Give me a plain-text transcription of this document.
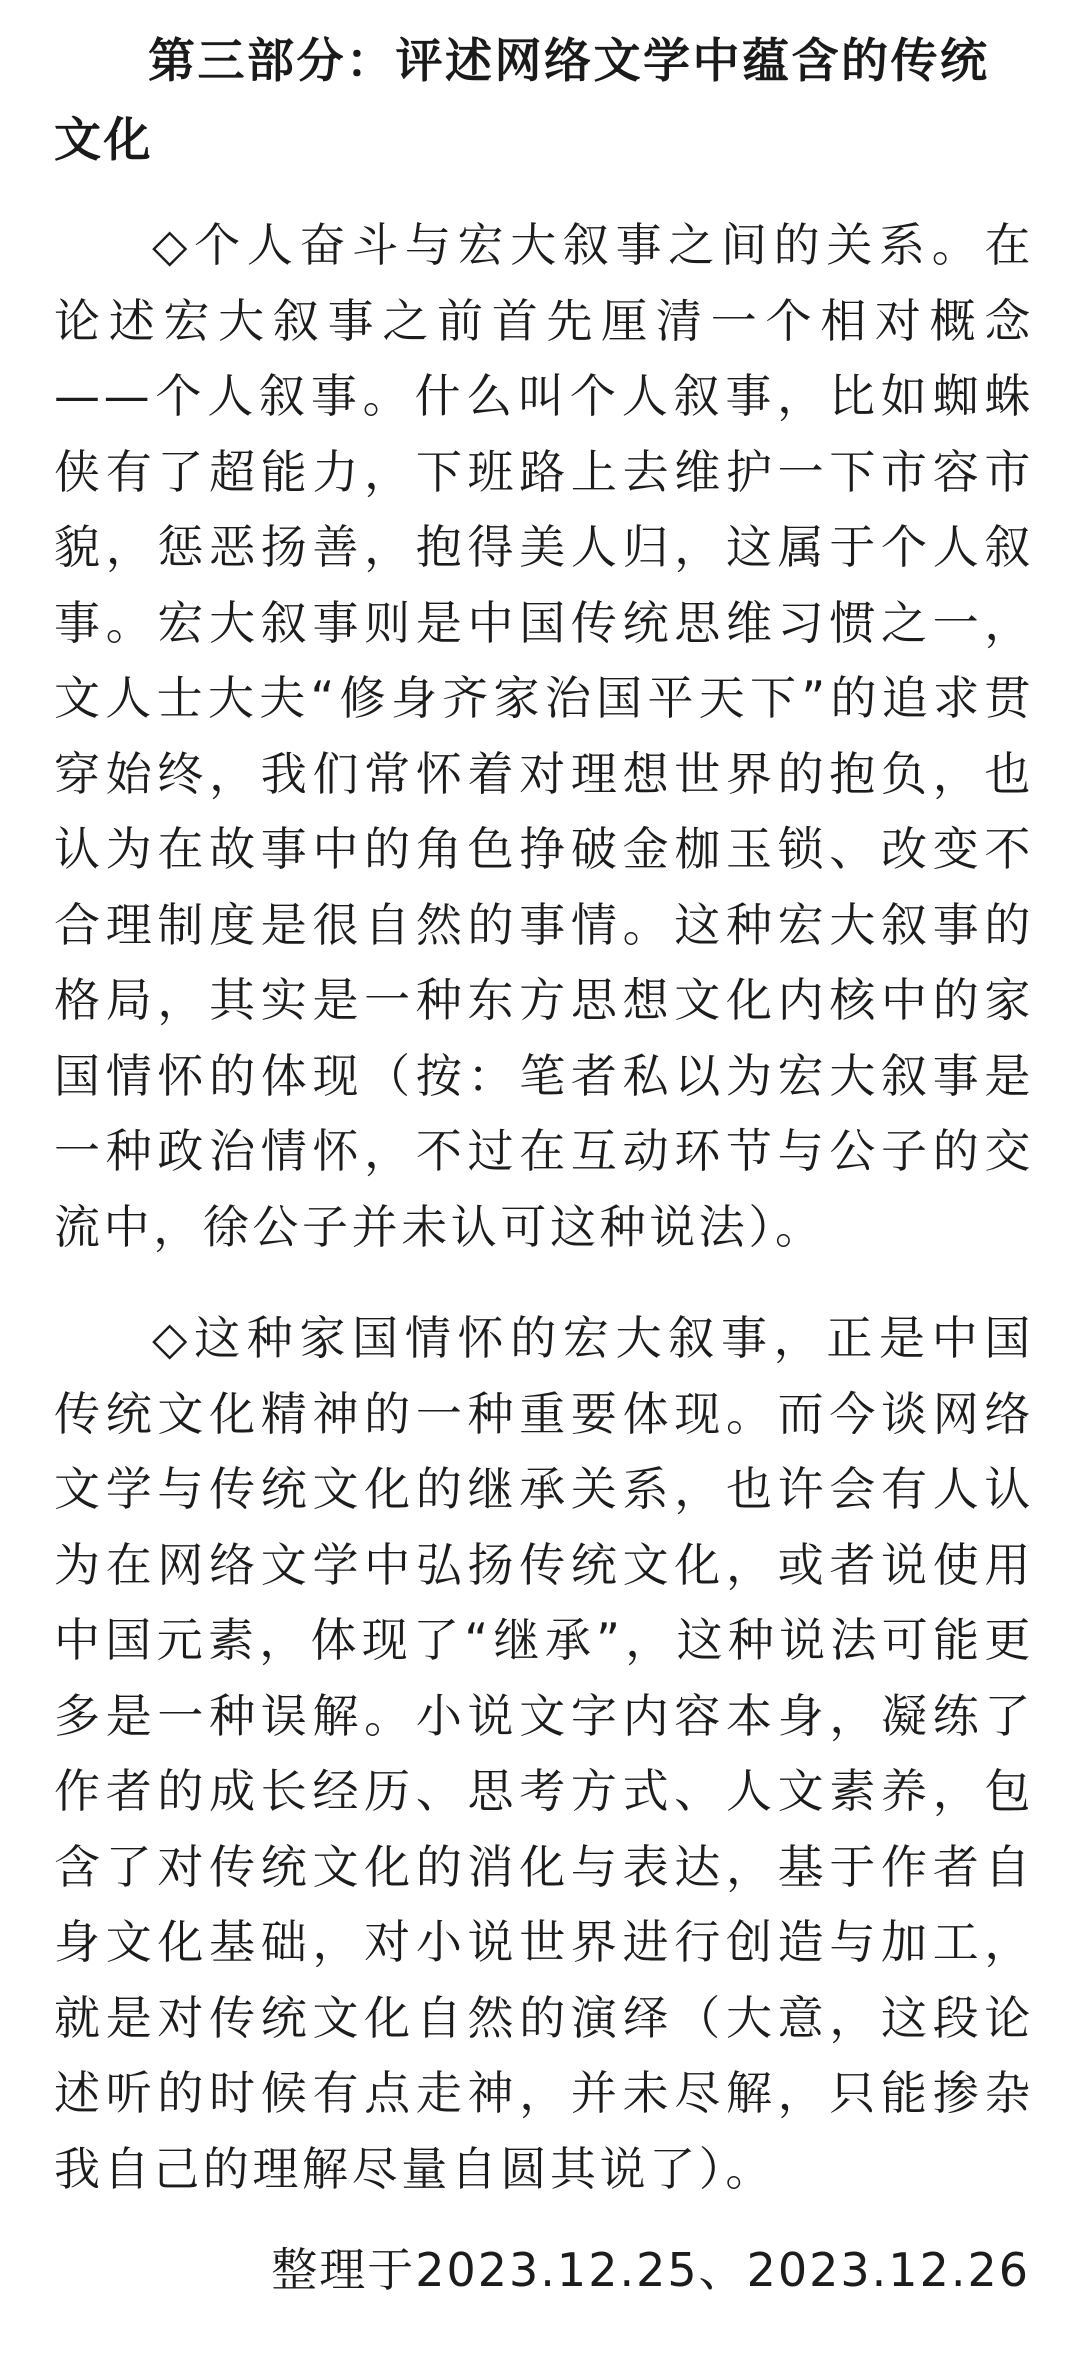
第三部分：评述网络文学中蕴含的传统文化

◇个人奋斗与宏大叙事之间的关系。在论述宏大叙事之前首先厘清一个相对概念——个人叙事。什么叫个人叙事，比如蜘蛛侠有了超能力，下班路上去维护一下市容市貌，惩恶扬善，抱得美人归，这属于个人叙事。宏大叙事则是中国传统思维习惯之一，文人士大夫“修身齐家治国平天下”的追求贯穿始终，我们常怀着对理想世界的抱负，也认为在故事中的角色挣破金枷玉锁、改变不合理制度是很自然的事情。这种宏大叙事的格局，其实是一种东方思想文化内核中的家国情怀的体现（按：笔者私以为宏大叙事是一种政治情怀，不过在互动环节与公子的交流中，徐公子并未认可这种说法）。

◇这种家国情怀的宏大叙事，正是中国传统文化精神的一种重要体现。而今谈网络文学与传统文化的继承关系，也许会有人认为在网络文学中弘扬传统文化，或者说使用中国元素，体现了“继承”，这种说法可能更多是一种误解。小说文字内容本身，凝练了作者的成长经历、思考方式、人文素养，包含了对传统文化的消化与表达，基于作者自身文化基础，对小说世界进行创造与加工，就是对传统文化自然的演绎（大意，这段论述听的时候有点走神，并未尽解，只能掺杂我自己的理解尽量自圆其说了）。

整理于2023.12.25、2023.12.26
